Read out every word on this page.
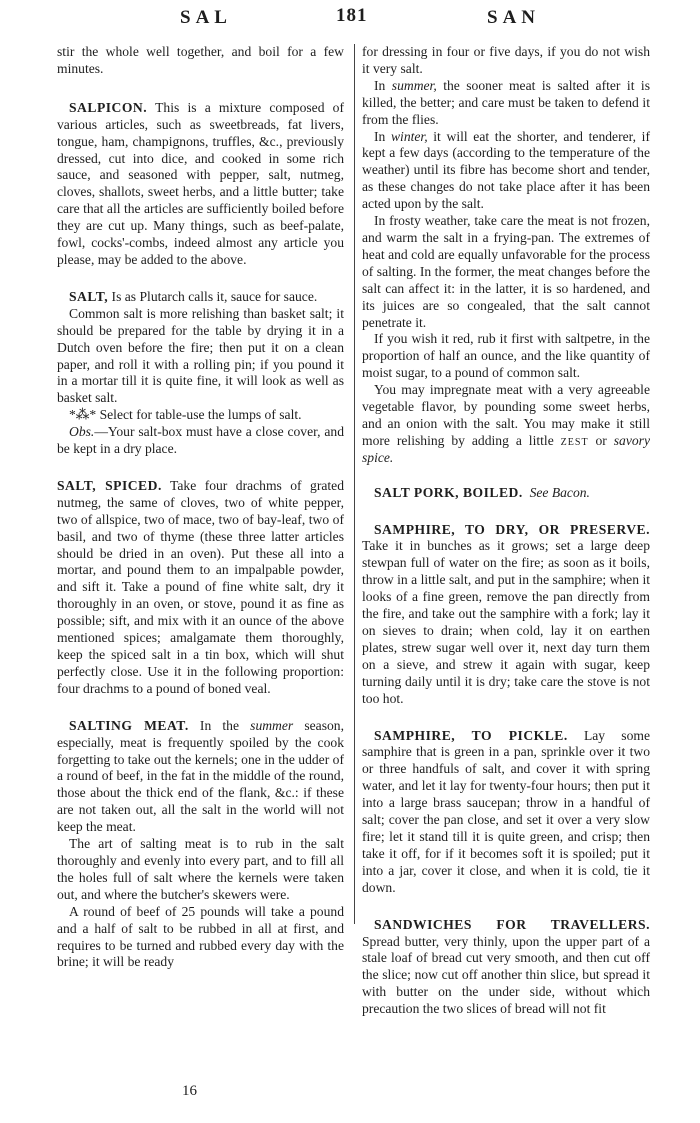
SAL	181	SAN

stir the whole well together, and boil for a few minutes.

SALPICON. This is a mixture composed of various articles, such as sweetbreads, fat livers, tongue, ham, champignons, truffles, &c., previously dressed, cut into dice, and cooked in some rich sauce, and seasoned with pepper, salt, nutmeg, cloves, shallots, sweet herbs, and a little butter; take care that all the articles are sufficiently boiled before they are cut up. Many things, such as beef-palate, fowl, cocks'-combs, indeed almost any article you please, may be added to the above.

SALT, Is as Plutarch calls it, sauce for sauce.

Common salt is more relishing than basket salt; it should be prepared for the table by drying it in a Dutch oven before the fire; then put it on a clean paper, and roll it with a rolling pin; if you pound it in a mortar till it is quite fine, it will look as well as basket salt.

*⁂* Select for table-use the lumps of salt.

Obs.—Your salt-box must have a close cover, and be kept in a dry place.

SALT, SPICED. Take four drachms of grated nutmeg, the same of cloves, two of white pepper, two of allspice, two of mace, two of bay-leaf, two of basil, and two of thyme (these three latter articles should be dried in an oven). Put these all into a mortar, and pound them to an impalpable powder, and sift it. Take a pound of fine white salt, dry it thoroughly in an oven, or stove, pound it as fine as possible; sift, and mix with it an ounce of the above mentioned spices; amalgamate them thoroughly, keep the spiced salt in a tin box, which will shut perfectly close. Use it in the following proportion: four drachms to a pound of boned veal.

SALTING MEAT. In the summer season, especially, meat is frequently spoiled by the cook forgetting to take out the kernels; one in the udder of a round of beef, in the fat in the middle of the round, those about the thick end of the flank, &c.: if these are not taken out, all the salt in the world will not keep the meat.

The art of salting meat is to rub in the salt thoroughly and evenly into every part, and to fill all the holes full of salt where the kernels were taken out, and where the butcher's skewers were.

A round of beef of 25 pounds will take a pound and a half of salt to be rubbed in all at first, and requires to be turned and rubbed every day with the brine; it will be ready

for dressing in four or five days, if you do not wish it very salt.

In summer, the sooner meat is salted after it is killed, the better; and care must be taken to defend it from the flies.

In winter, it will eat the shorter, and tenderer, if kept a few days (according to the temperature of the weather) until its fibre has become short and tender, as these changes do not take place after it has been acted upon by the salt.

In frosty weather, take care the meat is not frozen, and warm the salt in a frying-pan. The extremes of heat and cold are equally unfavorable for the process of salting. In the former, the meat changes before the salt can affect it: in the latter, it is so hardened, and its juices are so congealed, that the salt cannot penetrate it.

If you wish it red, rub it first with saltpetre, in the proportion of half an ounce, and the like quantity of moist sugar, to a pound of common salt.

You may impregnate meat with a very agreeable vegetable flavor, by pounding some sweet herbs, and an onion with the salt. You may make it still more relishing by adding a little zest or savory spice.

SALT PORK, BOILED. See Bacon.

SAMPHIRE, TO DRY, OR PRESERVE. Take it in bunches as it grows; set a large deep stewpan full of water on the fire; as soon as it boils, throw in a little salt, and put in the samphire; when it looks of a fine green, remove the pan directly from the fire, and take out the samphire with a fork; lay it on sieves to drain; when cold, lay it on earthen plates, strew sugar well over it, next day turn them on a sieve, and strew it again with sugar, keep turning daily until it is dry; take care the stove is not too hot.

SAMPHIRE, TO PICKLE. Lay some samphire that is green in a pan, sprinkle over it two or three handfuls of salt, and cover it with spring water, and let it lay for twenty-four hours; then put it into a large brass saucepan; throw in a handful of salt; cover the pan close, and set it over a very slow fire; let it stand till it is quite green, and crisp; then take it off, for if it becomes soft it is spoiled; put it into a jar, cover it close, and when it is cold, tie it down.

SANDWICHES FOR TRAVELLERS. Spread butter, very thinly, upon the upper part of a stale loaf of bread cut very smooth, and then cut off the slice; now cut off another thin slice, but spread it with butter on the under side, without which precaution the two slices of bread will not fit

16
